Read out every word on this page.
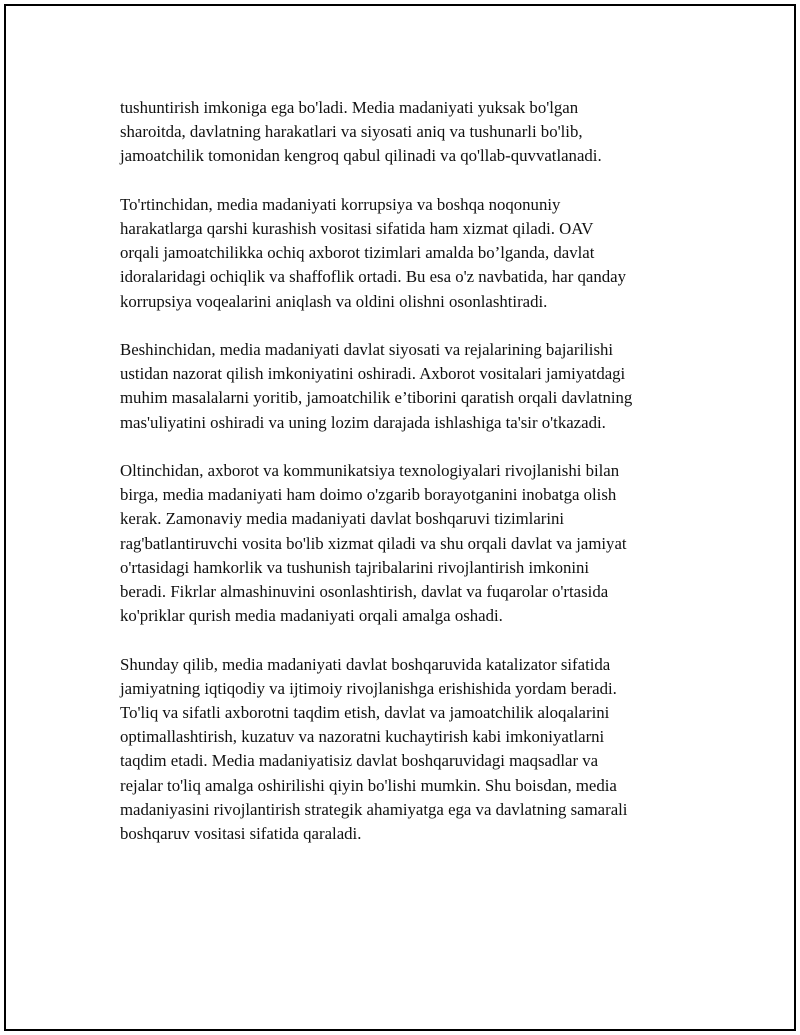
tushuntirish imkoniga ega bo'ladi. Media madaniyati yuksak bo'lgan
sharoitda, davlatning harakatlari va siyosati aniq va tushunarli bo'lib,
jamoatchilik tomonidan kengroq qabul qilinadi va qo'llab-quvvatlanadi.

To'rtinchidan, media madaniyati korrupsiya va boshqa noqonuniy
harakatlarga qarshi kurashish vositasi sifatida ham xizmat qiladi. OAV
orqali jamoatchilikka ochiq axborot tizimlari amalda bo’lganda, davlat
idoralaridagi ochiqlik va shaffoflik ortadi. Bu esa o'z navbatida, har qanday
korrupsiya voqealarini aniqlash va oldini olishni osonlashtiradi.

Beshinchidan, media madaniyati davlat siyosati va rejalarining bajarilishi
ustidan nazorat qilish imkoniyatini oshiradi. Axborot vositalari jamiyatdagi
muhim masalalarni yoritib, jamoatchilik e’tiborini qaratish orqali davlatning
mas'uliyatini oshiradi va uning lozim darajada ishlashiga ta'sir o'tkazadi.

Oltinchidan, axborot va kommunikatsiya texnologiyalari rivojlanishi bilan
birga, media madaniyati ham doimo o'zgarib borayotganini inobatga olish
kerak. Zamonaviy media madaniyati davlat boshqaruvi tizimlarini
rag'batlantiruvchi vosita bo'lib xizmat qiladi va shu orqali davlat va jamiyat
o'rtasidagi hamkorlik va tushunish tajribalarini rivojlantirish imkonini
beradi. Fikrlar almashinuvini osonlashtirish, davlat va fuqarolar o'rtasida
ko'priklar qurish media madaniyati orqali amalga oshadi.

Shunday qilib, media madaniyati davlat boshqaruvida katalizator sifatida
jamiyatning iqtiqodiy va ijtimoiy rivojlanishga erishishida yordam beradi.
To'liq va sifatli axborotni taqdim etish, davlat va jamoatchilik aloqalarini
optimallashtirish, kuzatuv va nazoratni kuchaytirish kabi imkoniyatlarni
taqdim etadi. Media madaniyatisiz davlat boshqaruvidagi maqsadlar va
rejalar to'liq amalga oshirilishi qiyin bo'lishi mumkin. Shu boisdan, media
madaniyasini rivojlantirish strategik ahamiyatga ega va davlatning samarali
boshqaruv vositasi sifatida qaraladi.
